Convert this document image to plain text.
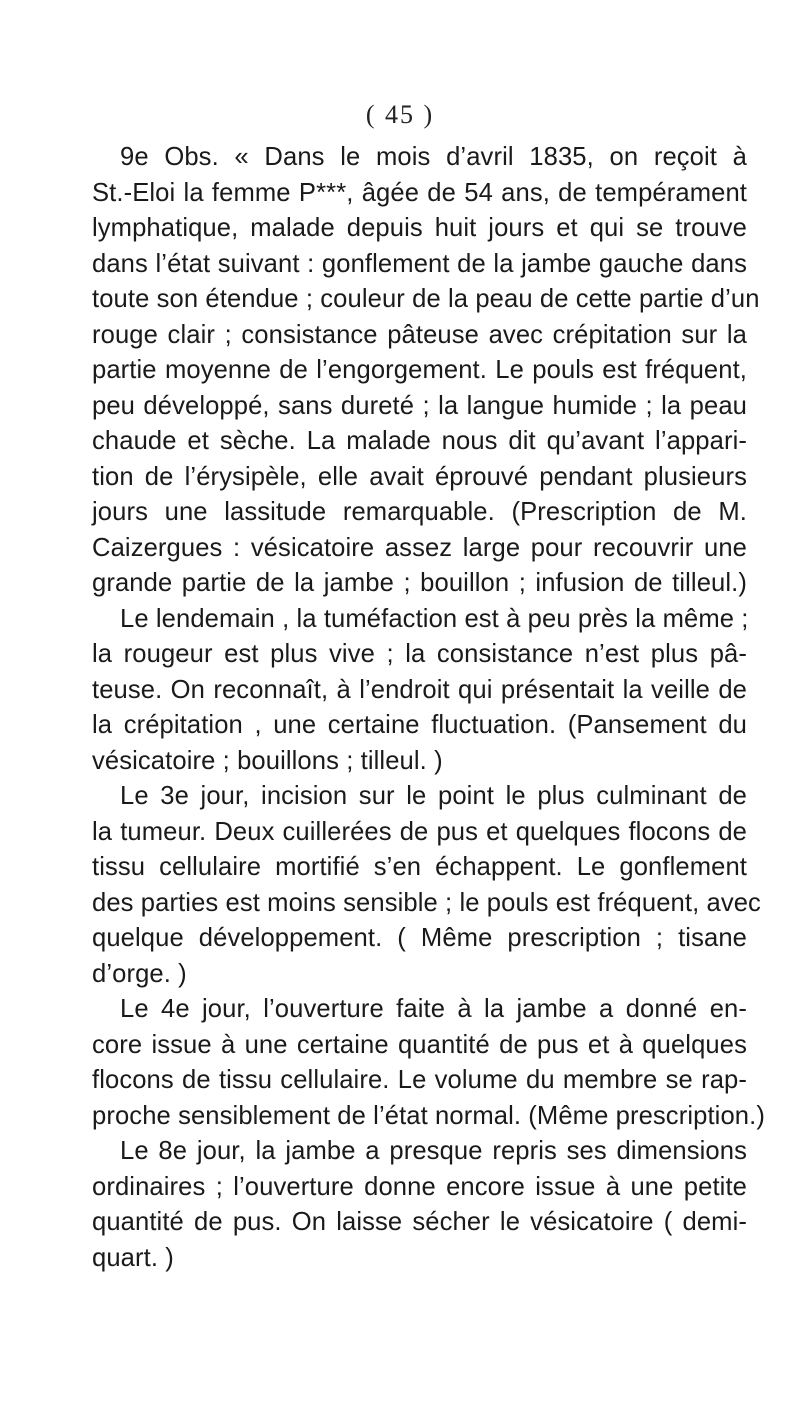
( 45 )
9e Obs. « Dans le mois d’avril 1835, on reçoit à
St.-Eloi la femme P***, âgée de 54 ans, de tempérament
lymphatique, malade depuis huit jours et qui se trouve
dans l’état suivant : gonflement de la jambe gauche dans
toute son étendue ; couleur de la peau de cette partie d’un
rouge clair ; consistance pâteuse avec crépitation sur la
partie moyenne de l’engorgement. Le pouls est fréquent,
peu développé, sans dureté ; la langue humide ; la peau
chaude et sèche. La malade nous dit qu’avant l’appari-
tion de l’érysipèle, elle avait éprouvé pendant plusieurs
jours une lassitude remarquable. (Prescription de M.
Caizergues : vésicatoire assez large pour recouvrir une
grande partie de la jambe ; bouillon ; infusion de tilleul.)
Le lendemain , la tuméfaction est à peu près la même ;
la rougeur est plus vive ; la consistance n’est plus pâ-
teuse. On reconnaît, à l’endroit qui présentait la veille de
la crépitation , une certaine fluctuation. (Pansement du
vésicatoire ; bouillons ; tilleul. )
Le 3e jour, incision sur le point le plus culminant de
la tumeur. Deux cuillerées de pus et quelques flocons de
tissu cellulaire mortifié s’en échappent. Le gonflement
des parties est moins sensible ; le pouls est fréquent, avec
quelque développement. ( Même prescription ; tisane
d’orge. )
Le 4e jour, l’ouverture faite à la jambe a donné en-
core issue à une certaine quantité de pus et à quelques
flocons de tissu cellulaire. Le volume du membre se rap-
proche sensiblement de l’état normal. (Même prescription.)
Le 8e jour, la jambe a presque repris ses dimensions
ordinaires ; l’ouverture donne encore issue à une petite
quantité de pus. On laisse sécher le vésicatoire ( demi-
quart. )
